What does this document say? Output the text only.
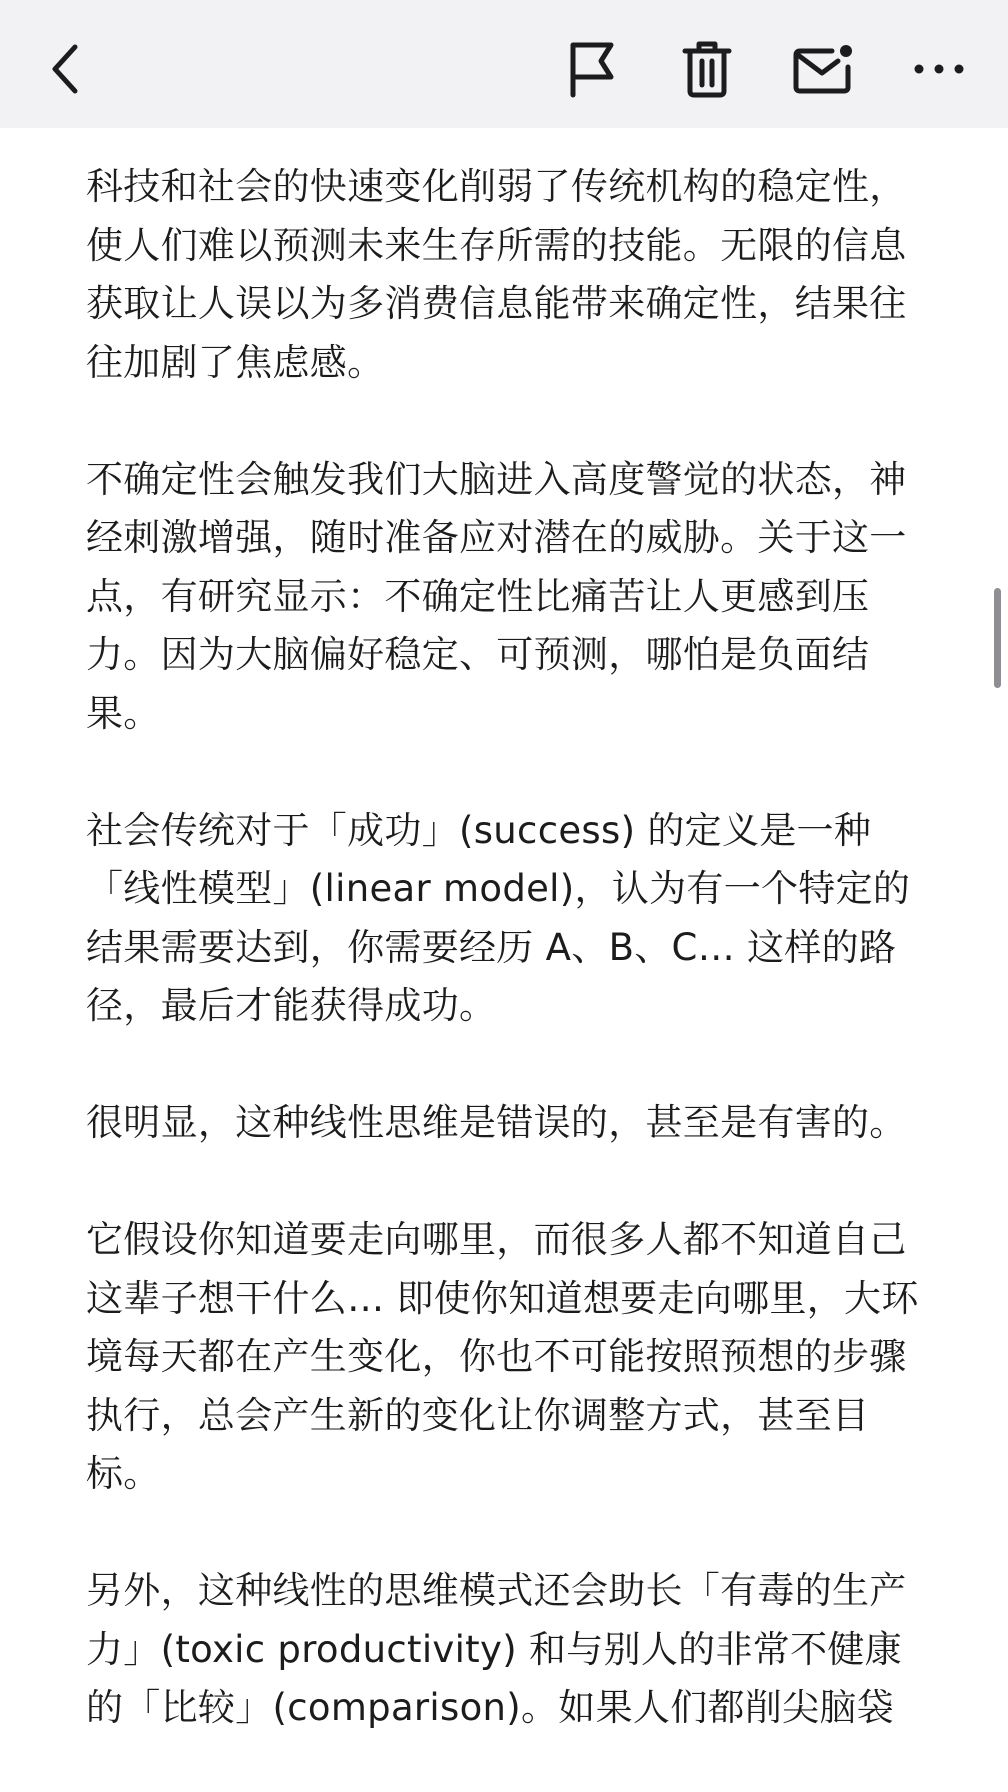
科技和社会的快速变化削弱了传统机构的稳定性，使人们难以预测未来生存所需的技能。无限的信息获取让人误以为多消费信息能带来确定性，结果往往加剧了焦虑感。

不确定性会触发我们大脑进入高度警觉的状态，神经刺激增强，随时准备应对潜在的威胁。关于这一点，有研究显示：不确定性比痛苦让人更感到压力。因为大脑偏好稳定、可预测，哪怕是负面结果。

社会传统对于「成功」(success) 的定义是一种「线性模型」(linear model)，认为有一个特定的结果需要达到，你需要经历 A、B、C… 这样的路径，最后才能获得成功。

很明显，这种线性思维是错误的，甚至是有害的。

它假设你知道要走向哪里，而很多人都不知道自己这辈子想干什么… 即使你知道想要走向哪里，大环境每天都在产生变化，你也不可能按照预想的步骤执行，总会产生新的变化让你调整方式，甚至目标。

另外，这种线性的思维模式还会助长「有毒的生产力」(toxic productivity) 和与别人的非常不健康的「比较」(comparison)。如果人们都削尖脑袋
